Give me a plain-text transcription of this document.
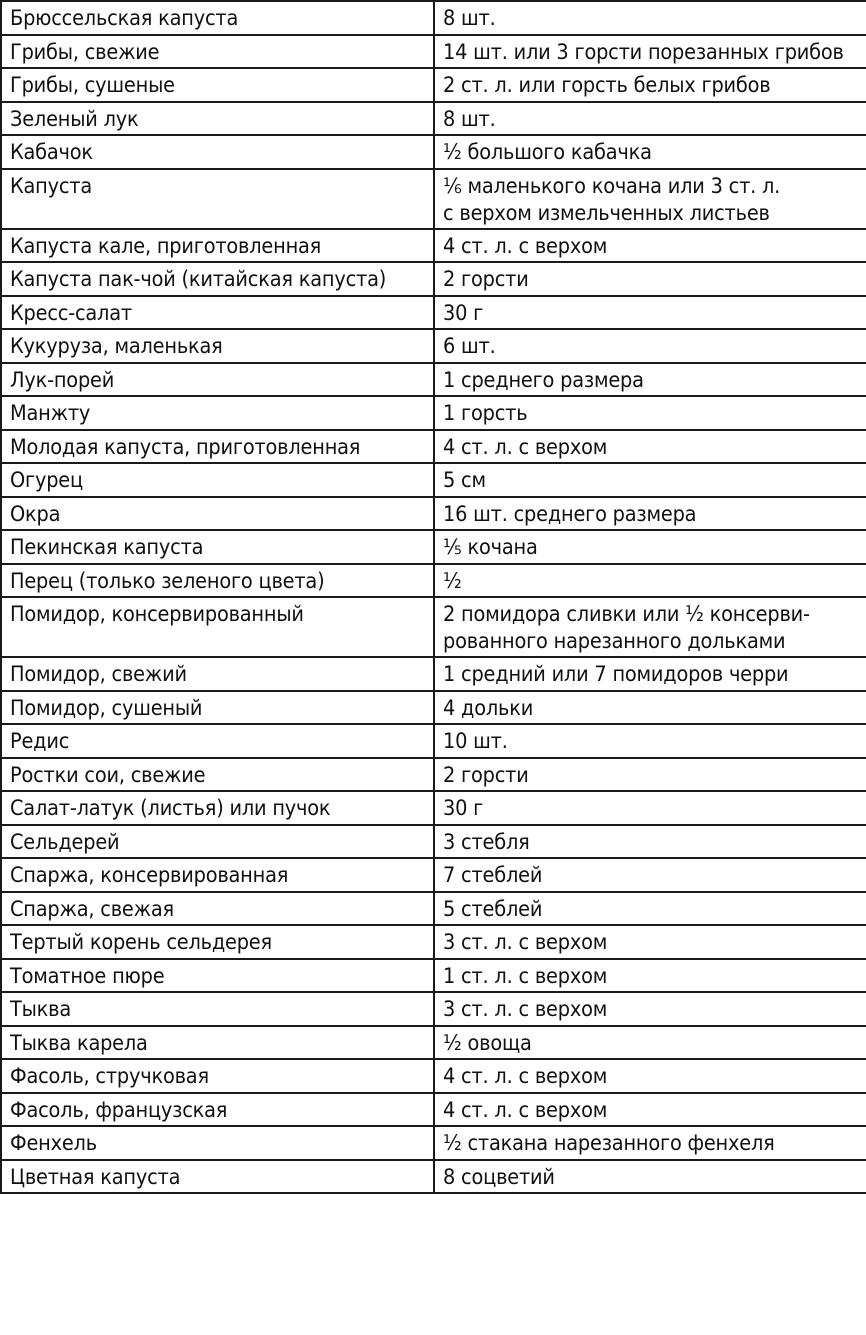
Брюссельская капуста	8 шт.

Грибы, свежие	14 шт. или 3 горсти порезанных грибов

Грибы, сушеные	2 ст. л. или горсть белых грибов

Зеленый лук	8 шт.

Кабачок	½ большого кабачка

Капуста	⅙ маленького кочана или 3 ст. л.
с верхом измельченных листьев

Капуста кале, приготовленная	4 ст. л. с верхом

Капуста пак-чой (китайская капуста)	2 горсти

Кресс-салат	30 г

Кукуруза, маленькая	6 шт.

Лук-порей	1 среднего размера

Манжту	1 горсть

Молодая капуста, приготовленная	4 ст. л. с верхом

Огурец	5 см

Окра	16 шт. среднего размера

Пекинская капуста	⅕ кочана

Перец (только зеленого цвета)	½

Помидор, консервированный	2 помидора сливки или ½ консерви-
рованного нарезанного дольками

Помидор, свежий	1 средний или 7 помидоров черри

Помидор, сушеный	4 дольки

Редис	10 шт.

Ростки сои, свежие	2 горсти

Салат-латук (листья) или пучок	30 г

Сельдерей	3 стебля

Спаржа, консервированная	7 стеблей

Спаржа, свежая	5 стеблей

Тертый корень сельдерея	3 ст. л. с верхом

Томатное пюре	1 ст. л. с верхом

Тыква	3 ст. л. с верхом

Тыква карела	½ овоща

Фасоль, стручковая	4 ст. л. с верхом

Фасоль, французская	4 ст. л. с верхом

Фенхель	½ стакана нарезанного фенхеля

Цветная капуста	8 соцветий
